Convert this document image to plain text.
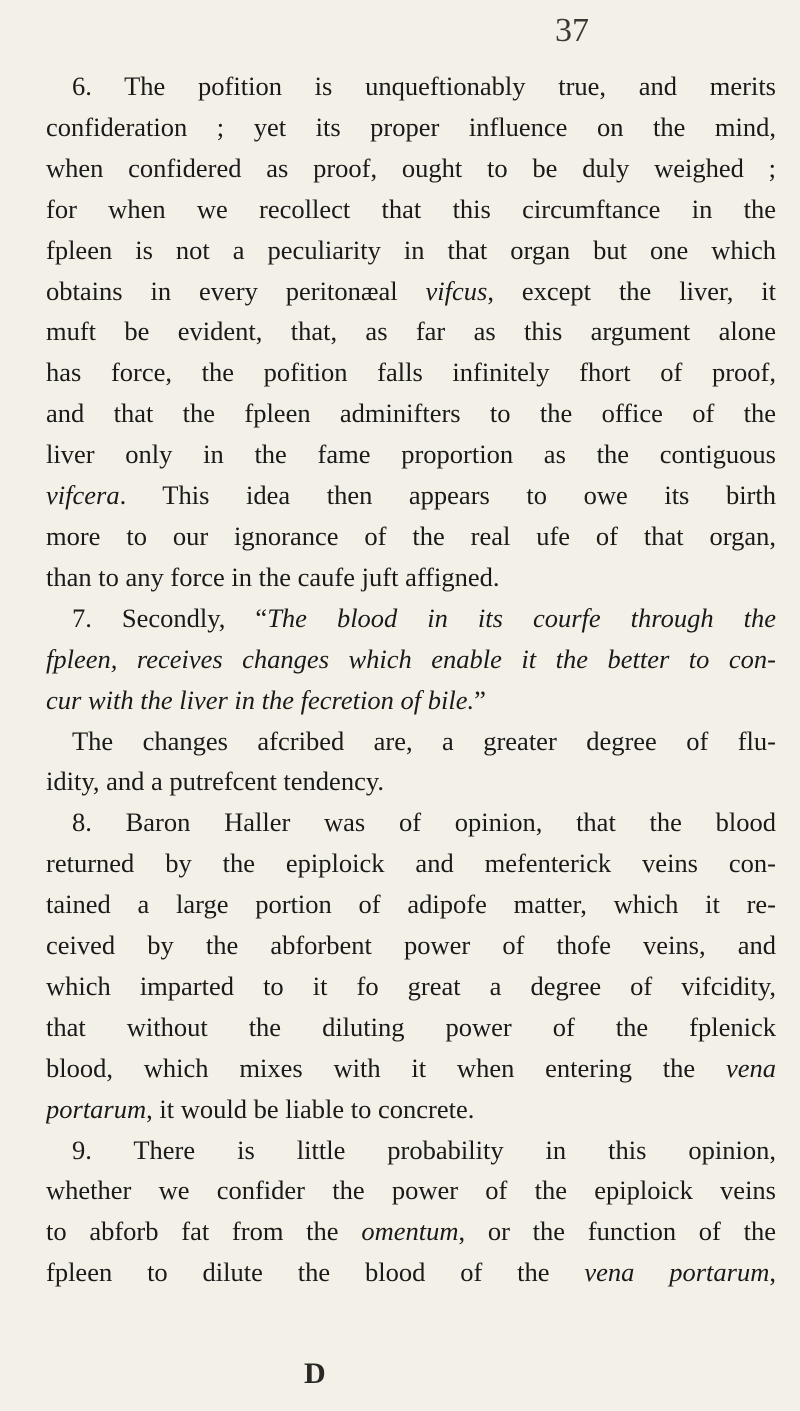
37
6. The pofition is unqueftionably true, and merits
confideration ; yet its proper influence on the mind,
when confidered as proof, ought to be duly weighed ;
for when we recollect that this circumftance in the
fpleen is not a peculiarity in that organ but one which
obtains in every peritonæal vifcus, except the liver, it
muft be evident, that, as far as this argument alone
has force, the pofition falls infinitely fhort of proof,
and that the fpleen adminifters to the office of the
liver only in the fame proportion as the contiguous
vifcera. This idea then appears to owe its birth
more to our ignorance of the real ufe of that organ,
than to any force in the caufe juft affigned.
7. Secondly, “The blood in its courfe through the
fpleen, receives changes which enable it the better to con-
cur with the liver in the fecretion of bile.”
The changes afcribed are, a greater degree of flu-
idity, and a putrefcent tendency.
8. Baron Haller was of opinion, that the blood
returned by the epiploick and mefenterick veins con-
tained a large portion of adipofe matter, which it re-
ceived by the abforbent power of thofe veins, and
which imparted to it fo great a degree of vifcidity,
that without the diluting power of the fplenick
blood, which mixes with it when entering the vena
portarum, it would be liable to concrete.
9. There is little probability in this opinion,
whether we confider the power of the epiploick veins
to abforb fat from the omentum, or the function of the
fpleen to dilute the blood of the vena portarum,
D
